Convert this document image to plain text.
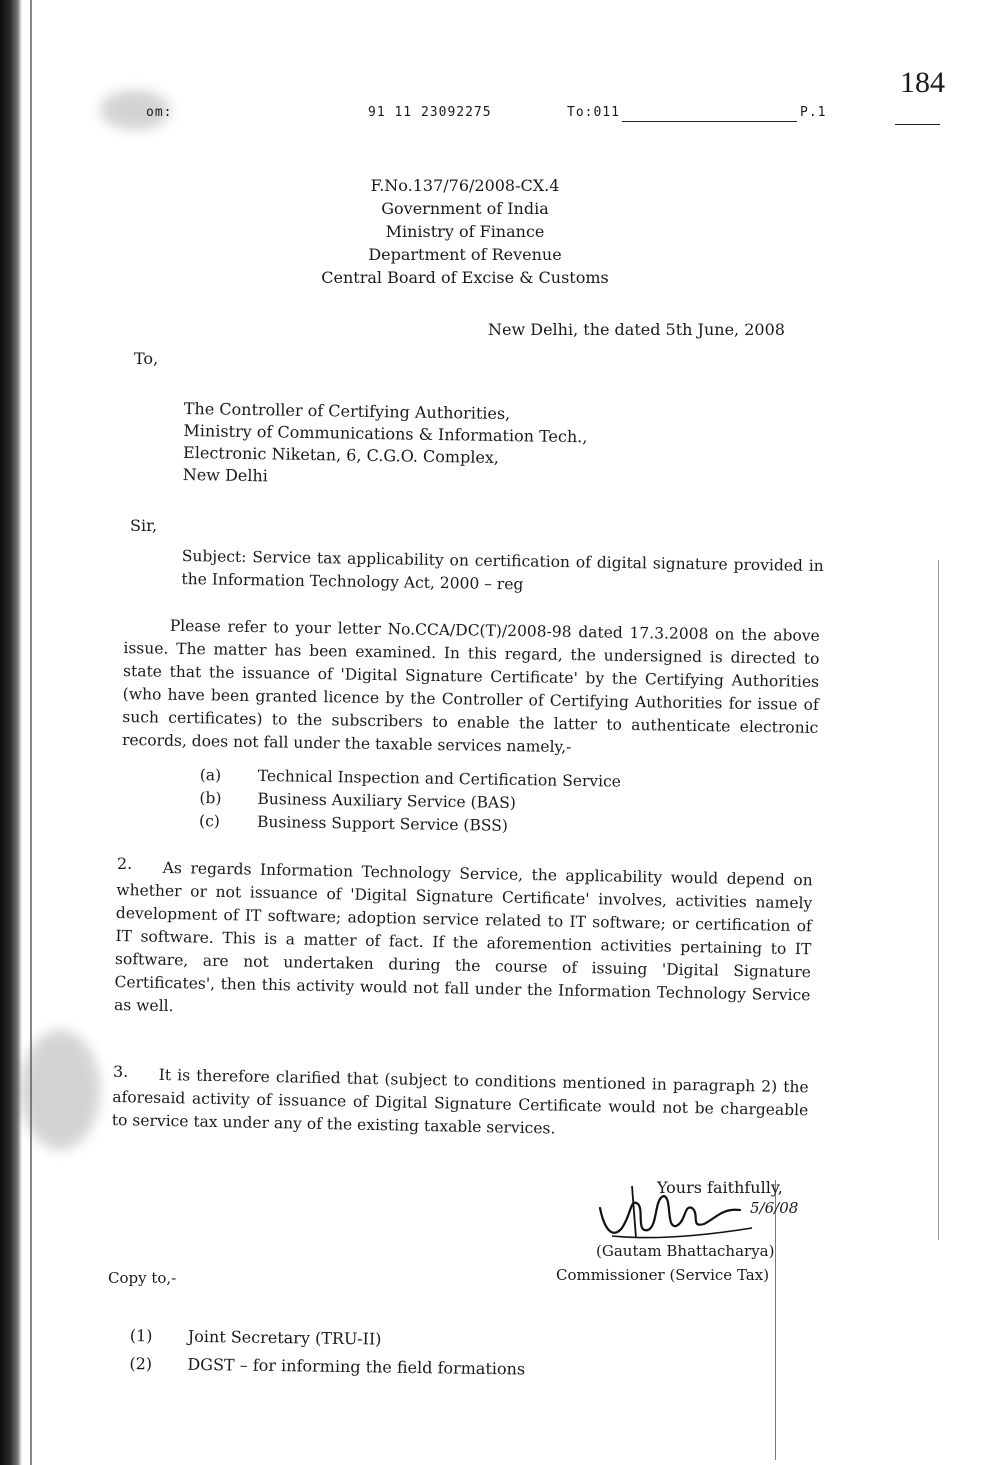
om:	91 11 23092275	To:011	P.1
184
F.No.137/76/2008-CX.4
Government of India
Ministry of Finance
Department of Revenue
Central Board of Excise & Customs
New Delhi, the dated 5th June, 2008
To,
The Controller of Certifying Authorities,
Ministry of Communications & Information Tech.,
Electronic Niketan, 6, C.G.O. Complex,
New Delhi
Sir,

Subject: Service tax applicability on certification of digital signature provided in the Information Technology Act, 2000 – reg

Please refer to your letter No.CCA/DC(T)/2008-98 dated 17.3.2008 on the above issue. The matter has been examined. In this regard, the undersigned is directed to state that the issuance of 'Digital Signature Certificate' by the Certifying Authorities (who have been granted licence by the Controller of Certifying Authorities for issue of such certificates) to the subscribers to enable the latter to authenticate electronic records, does not fall under the taxable services namely,-

(a)	Technical Inspection and Certification Service
(b)	Business Auxiliary Service (BAS)
(c)	Business Support Service (BSS)
2.	As regards Information Technology Service, the applicability would depend on whether or not issuance of 'Digital Signature Certificate' involves, activities namely development of IT software; adoption service related to IT software; or certification of IT software. This is a matter of fact. If the aforemention activities pertaining to IT software, are not undertaken during the course of issuing 'Digital Signature Certificates', then this activity would not fall under the Information Technology Service as well.

3.	It is therefore clarified that (subject to conditions mentioned in paragraph 2) the aforesaid activity of issuance of Digital Signature Certificate would not be chargeable to service tax under any of the existing taxable services.

Yours faithfully,
5/6/08
(Gautam Bhattacharya)
Commissioner (Service Tax)
Copy to,-
(1)	Joint Secretary (TRU-II)
(2)	DGST – for informing the field formations
